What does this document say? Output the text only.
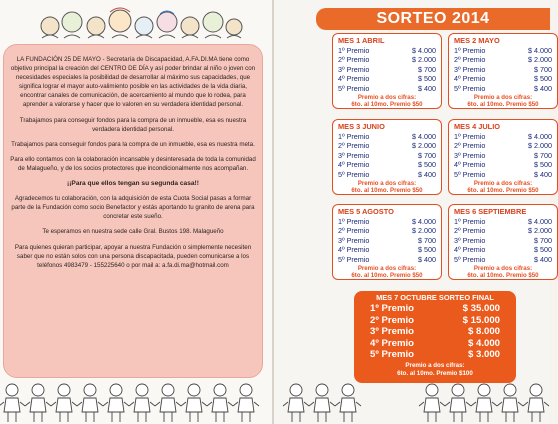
LA FUNDACIÓN 25 DE MAYO - Secretaría de Discapacidad, A.FA.DI.MA tiene como objetivo principal la creación del CENTRO DE DÍA y así poder brindar al niño o joven con necesidades especiales la posibilidad de desarrollar al máximo sus capacidades, que significa lograr el mayor auto-valimiento posible en las actividades de la vida diaria, encontrar canales de comunicación, de acercamiento al mundo que lo rodea, para aprender a valorarse y hacer que lo valoren en su verdadera identidad personal.

Trabajamos para conseguir fondos para la compra de un inmueble, esa es nuestra verdadera identidad personal.

Trabajamos para conseguir fondos para la compra de un inmueble, esa es nuestra meta.

Para ello contamos con la colaboración incansable y desinteresada de toda la comunidad de Malagueño, y de los socios protectores que incondicionalmente nos acompañan.

¡¡Para que ellos tengan su segunda casa!!

Agradecemos tu colaboración, con la adquisición de esta Cuota Social pasas a formar parte de la Fundación como socio Benefactor y estás aportando tu granito de arena para concretar este sueño.

Te esperamos en nuestra sede calle Gral. Bustos 198. Malagueño

Para quienes quieran participar, apoyar a nuestra Fundación o simplemente necesiten saber que no están solos con una persona discapacitada, pueden comunicarse a los teléfonos 4983479 - 155225640 o por mail a: a.fa.di.ma@hotmail.com

SORTEO 2014
MES 1 ABRIL
1º Premio	$ 4.000
2º Premio	$ 2.000
3º Premio	$ 700
4º Premio	$ 500
5º Premio	$ 400
Premio a dos cifras:
6to. al 10mo. Premio $50
MES 2 MAYO
1º Premio	$ 4.000
2º Premio	$ 2.000
3º Premio	$ 700
4º Premio	$ 500
5º Premio	$ 400
Premio a dos cifras:
6to. al 10mo. Premio $50
MES 3 JUNIO
1º Premio	$ 4.000
2º Premio	$ 2.000
3º Premio	$ 700
4º Premio	$ 500
5º Premio	$ 400
Premio a dos cifras:
6to. al 10mo. Premio $50
MES 4 JULIO
1º Premio	$ 4.000
2º Premio	$ 2.000
3º Premio	$ 700
4º Premio	$ 500
5º Premio	$ 400
Premio a dos cifras:
6to. al 10mo. Premio $50
MES 5 AGOSTO
1º Premio	$ 4.000
2º Premio	$ 2.000
3º Premio	$ 700
4º Premio	$ 500
5º Premio	$ 400
Premio a dos cifras:
6to. al 10mo. Premio $50
MES 6 SEPTIEMBRE
1º Premio	$ 4.000
2º Premio	$ 2.000
3º Premio	$ 700
4º Premio	$ 500
5º Premio	$ 400
Premio a dos cifras:
6to. al 10mo. Premio $50
MES 7 OCTUBRE SORTEO FINAL
1º Premio	$ 35.000
2º Premio	$ 15.000
3º Premio	$ 8.000
4º Premio	$ 4.000
5º Premio	$ 3.000
Premio a dos cifras:
6to. al 10mo. Premio $100
